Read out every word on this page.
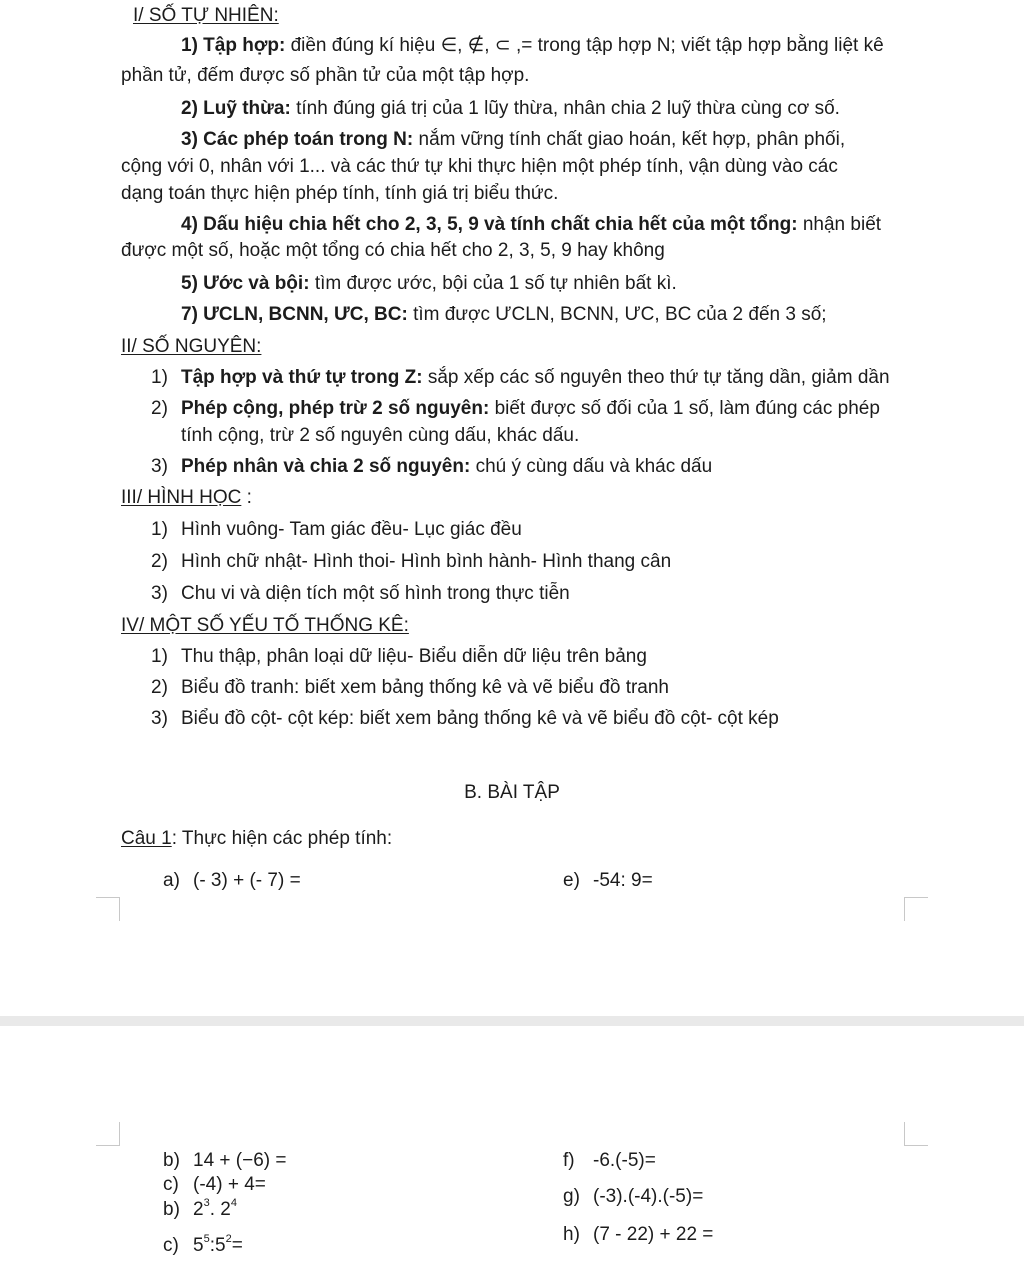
I/ SỐ TỰ NHIÊN:
1) Tập hợp: điền đúng kí hiệu ∈, ∉, ⊂ ,= trong tập hợp N; viết tập hợp bằng liệt kê
phần tử, đếm được số phần tử của một tập hợp.
2) Luỹ thừa: tính đúng giá trị của 1 lũy thừa, nhân chia 2 luỹ thừa cùng cơ số.
3) Các phép toán trong N: nắm vững tính chất giao hoán, kết hợp, phân phối,
cộng với 0, nhân với 1... và các thứ tự khi thực hiện một phép tính, vận dùng vào các
dạng toán thực hiện phép tính, tính giá trị biểu thức.
4) Dấu hiệu chia hết cho 2, 3, 5, 9 và tính chất chia hết của một tổng: nhận biết
được một số, hoặc một tổng có chia hết cho 2, 3, 5, 9 hay không
5) Ước và bội: tìm được ước, bội của 1 số tự nhiên bất kì.
7) ƯCLN, BCNN, ƯC, BC: tìm được ƯCLN, BCNN, ƯC, BC của 2 đến 3 số;
II/ SỐ NGUYÊN:
1) Tập hợp và thứ tự trong Z: sắp xếp các số nguyên theo thứ tự tăng dần, giảm dần
2) Phép cộng, phép trừ 2 số nguyên: biết được số đối của 1 số, làm đúng các phép
tính cộng, trừ 2 số nguyên cùng dấu, khác dấu.
3) Phép nhân và chia 2 số nguyên: chú ý cùng dấu và khác dấu
III/ HÌNH HỌC :
1) Hình vuông- Tam giác đều- Lục giác đều
2) Hình chữ nhật- Hình thoi- Hình bình hành- Hình thang cân
3) Chu vi và diện tích một số hình trong thực tiễn
IV/ MỘT SỐ YẾU TỐ THỐNG KÊ:
1) Thu thập, phân loại dữ liệu- Biểu diễn dữ liệu trên bảng
2) Biểu đồ tranh: biết xem bảng thống kê và vẽ biểu đồ tranh
3) Biểu đồ cột- cột kép: biết xem bảng thống kê và vẽ biểu đồ cột- cột kép
B. BÀI TẬP
Câu 1: Thực hiện các phép tính:
a) (- 3) + (- 7) =	e) -54: 9=
b) 14 + (−6) =	f) -6.(-5)=
c) (-4) + 4=
b) $2^3$. $2^4$	g) (-3).(-4).(-5)=
h) (7 - 22) + 22 =
c) $5^5:5^2=$
